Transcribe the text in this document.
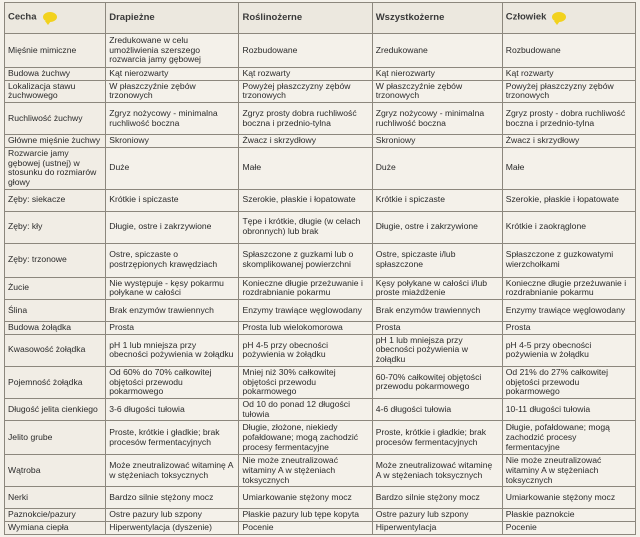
Cecha	Drapieżne	Roślinożerne	Wszystkożerne	Człowiek
Mięśnie mimiczne	Zredukowane w celu umożliwienia szerszego rozwarcia jamy gębowej	Rozbudowane	Zredukowane	Rozbudowane
Budowa żuchwy	Kąt nierozwarty	Kąt rozwarty	Kąt nierozwarty	Kąt rozwarty
Lokalizacja stawu żuchwowego	W płaszczyźnie zębów trzonowych	Powyżej płaszczyzny zębów trzonowych	W płaszczyźnie zębów trzonowych	Powyżej płaszczyzny zębów trzonowych
Ruchliwość żuchwy	Zgryz nożycowy - minimalna ruchliwość boczna	Zgryz prosty dobra ruchliwość boczna i przednio-tylna	Zgryz nożycowy - minimalna ruchliwość boczna	Zgryz prosty - dobra ruchliwość boczna i przednio-tylna
Główne mięśnie żuchwy	Skroniowy	Żwacz i skrzydłowy	Skroniowy	Żwacz i skrzydłowy
Rozwarcie jamy gębowej (ustnej) w stosunku do rozmiarów głowy	Duże	Małe	Duże	Małe
Zęby: siekacze	Krótkie i spiczaste	Szerokie, płaskie i łopatowate	Krótkie i spiczaste	Szerokie, płaskie i łopatowate
Zęby: kły	Długie, ostre i zakrzywione	Tępe i krótkie, długie (w celach obronnych) lub brak	Długie, ostre i zakrzywione	Krótkie i zaokrąglone
Zęby: trzonowe	Ostre, spiczaste o postrzępionych krawędziach	Spłaszczone z guzkami lub o skomplikowanej powierzchni	Ostre, spiczaste i/lub spłaszczone	Spłaszczone z guzkowatymi wierzchołkami
Żucie	Nie występuje - kęsy pokarmu połykane w całości	Konieczne długie przeżuwanie i rozdrabnianie pokarmu	Kęsy połykane w całości i/lub proste miażdżenie	Konieczne długie przeżuwanie i rozdrabnianie pokarmu
Ślina	Brak enzymów trawiennych	Enzymy trawiące węglowodany	Brak enzymów trawiennych	Enzymy trawiące węglowodany
Budowa żołądka	Prosta	Prosta lub wielokomorowa	Prosta	Prosta
Kwasowość żołądka	pH 1 lub mniejsza przy obecności pożywienia w żołądku	pH 4-5 przy obecności pożywienia w żołądku	pH 1 lub mniejsza przy obecności pożywienia w żołądku	pH 4-5 przy obecności pożywienia w żołądku
Pojemność żołądka	Od 60% do 70% całkowitej objętości przewodu pokarmowego	Mniej niż 30% całkowitej objętości przewodu pokarmowego	60-70% całkowitej objętości przewodu pokarmowego	Od 21% do 27% całkowitej objętości przewodu pokarmowego
Długość jelita cienkiego	3-6 długości tułowia	Od 10 do ponad 12 długości tułowia	4-6 długości tułowia	10-11 długości tułowia
Jelito grube	Proste, krótkie i gładkie; brak procesów fermentacyjnych	Długie, złożone, niekiedy pofałdowane; mogą zachodzić procesy fermentacyjne	Proste, krótkie i gładkie; brak procesów fermentacyjnych	Długie, pofałdowane; mogą zachodzić procesy fermentacyjne
Wątroba	Może zneutralizować witaminę A w stężeniach toksycznych	Nie może zneutralizować witaminy A w stężeniach toksycznych	Może zneutralizować witaminę A w stężeniach toksycznych	Nie może zneutralizować witaminy A w stężeniach toksycznych
Nerki	Bardzo silnie stężony mocz	Umiarkowanie stężony mocz	Bardzo silnie stężony mocz	Umiarkowanie stężony mocz
Paznokcie/pazury	Ostre pazury lub szpony	Płaskie pazury lub tępe kopyta	Ostre pazury lub szpony	Płaskie paznokcie
Wymiana ciepła	Hiperwentylacja (dyszenie)	Pocenie	Hiperwentylacja	Pocenie
